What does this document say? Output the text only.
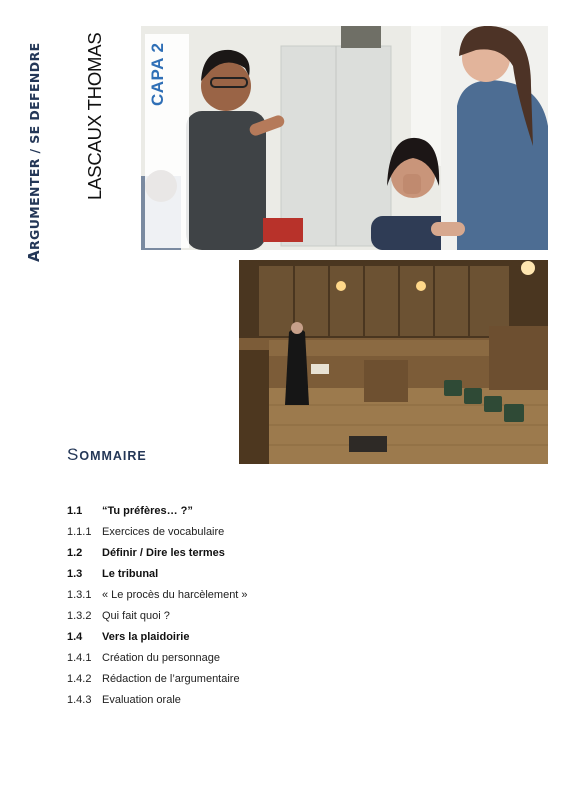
ARGUMENTER / SE DEFENDRE LASCAUX THOMAS	CAPA 2
SOMMAIRE
1.1 “Tu préfères… ?”
1.1.1 Exercices de vocabulaire
1.2 Définir / Dire les termes
1.3 Le tribunal
1.3.1 « Le procès du harcèlement »
1.3.2 Qui fait quoi ?
1.4 Vers la plaidoirie
1.4.1 Création du personnage
1.4.2 Rédaction de l’argumentaire
1.4.3 Evaluation orale
